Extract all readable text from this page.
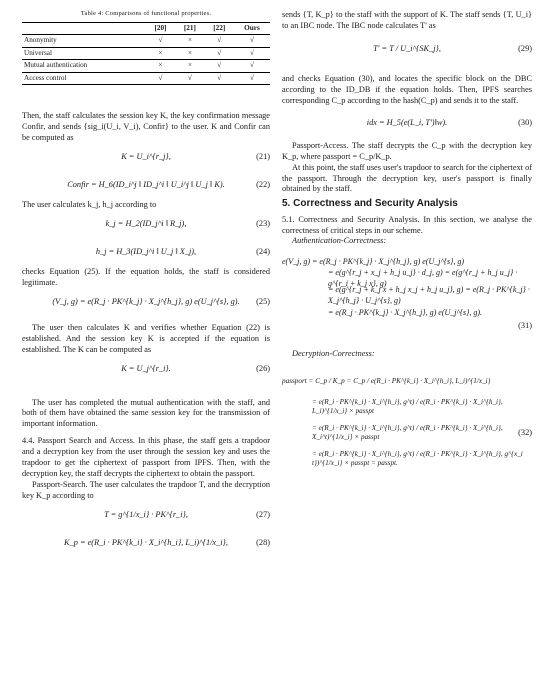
Table 4: Comparisons of functional properties.
	[20]	[21]	[22]	Ours
Anonymity	√	×	√	√
Universal	×	×	√	√
Mutual authentication	×	×	√	√
Access control	√	√	√	√

Then, the staff calculates the session key K, the key confirmation message Confir, and sends {sig_i(U_i, V_i), Confir} to the user. K and Confir can be computed as

K = U_i^{r_j},	(21)
Confir = H_6(ID_i^j ‖ ID_j^i ‖ U_i^j ‖ U_j ‖ K).	(22)

The user calculates k_j, h_j according to

k_j = H_2(ID_j^i ‖ R_j),	(23)
h_j = H_3(ID_j^i ‖ U_j ‖ X_j),	(24)

checks Equation (25). If the equation holds, the staff is considered legitimate.

(V_j, g) = e(R_j · PK^{k_j} · X_j^{h_j}, g) e(U_j^{s}, g). (25)

The user then calculates K and verifies whether Equation (22) is established. And the session key K is accepted if the equation is established. The K can be computed as

K = U_j^{r_i}.	(26)

The user has completed the mutual authentication with the staff, and both of them have obtained the same session key for the transmission of important information.

4.4. Passport Search and Access. In this phase, the staff gets a trapdoor and a decryption key from the user through the session key and uses the trapdoor to get the ciphertext of passport from IPFS. Then, with the decryption key, the staff decrypts the ciphertext to obtain the passport.

Passport-Search. The user calculates the trapdoor T, and the decryption key K_p according to

T = g^{1/x_i} · PK^{r_i},	(27)
K_p = e(R_i · PK^{k_i} · X_i^{h_i}, L_i)^{1/x_i},	(28)

sends {T, K_p} to the staff with the support of K. The staff sends {T, U_i} to an IBC node. The IBC node calculates T' as

T' = T / U_i^{SK_j},	(29)

and checks Equation (30), and locates the specific block on the DBC according to the ID_DB if the equation holds. Then, IPFS searches corresponding C_p according to the hash(C_p) and sends it to the staff.

idx = H_5(e(L_i, T')‖w).	(30)

Passport-Access. The staff decrypts the C_p with the decryption key K_p, where passport = C_p/K_p.

At this point, the staff uses user's trapdoor to search for the ciphertext of the passport. Through the decryption key, user's passport is finally obtained by the staff.

5. Correctness and Security Analysis

5.1. Correctness and Security Analysis. In this section, we analyse the correctness of critical steps in our scheme.

Authentication-Correctness:

e(V_j, g) = e(R_j · PK^{k_j} · X_j^{h_j}, g) e(U_j^{s}, g)
= e(g^{r_j + x_j + h_j u_j} · d_j, g) = e(g^{r_j + h_j u_j} · g^{r_i + k_j x}, g)
= e(g^{r_j + k_j x + h_j x_j + h_j u_j}, g) = e(R_j · PK^{k_j} · X_j^{h_j} · U_j^{s}, g)
= e(R_j · PK^{k_j} · X_j^{h_j}, g) e(U_j^{s}, g).
(31)

Decryption-Correctness:

passport = C_p / K_p = C_p / e(R_i · PK^{k_i} · X_i^{h_i}, L_i)^{1/x_i}
= e(R_i · PK^{k_i} · X_i^{h_i}, g^t) / e(R_i · PK^{k_i} · X_i^{h_i}, L_i)^{1/x_i} × passpt
= e(R_i · PK^{k_i} · X_i^{h_i}, g^t) / e(R_i · PK^{k_i} · X_i^{h_i}, X_i^t)^{1/x_i} × passpt
(32)
= e(R_i · PK^{k_i} · X_i^{h_i}, g^t) / e(R_i · PK^{k_i} · X_i^{h_i}, g^{x_i t})^{1/x_i} × passpt = passpt.
